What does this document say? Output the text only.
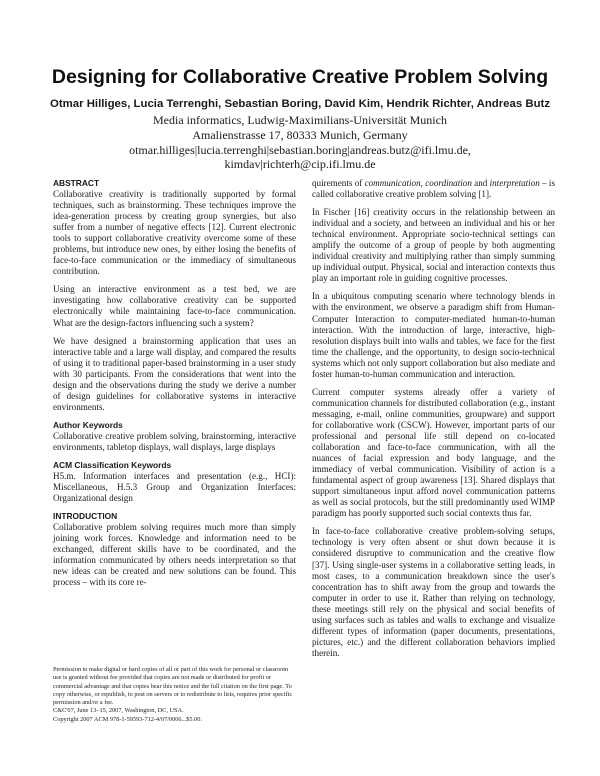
Designing for Collaborative Creative Problem Solving
Otmar Hilliges, Lucia Terrenghi, Sebastian Boring, David Kim, Hendrik Richter, Andreas Butz
Media informatics, Ludwig-Maximilians-Universität Munich
Amalienstrasse 17, 80333 Munich, Germany
otmar.hilliges|lucia.terrenghi|sebastian.boring|andreas.butz@ifi.lmu.de,
kimdav|richterh@cip.ifi.lmu.de
ABSTRACT

Collaborative creativity is traditionally supported by formal techniques, such as brainstorming. These techniques improve the idea-generation process by creating group synergies, but also suffer from a number of negative effects [12]. Current electronic tools to support collaborative creativity overcome some of these problems, but introduce new ones, by either losing the benefits of face-to-face communication or the immediacy of simultaneous contribution.

Using an interactive environment as a test bed, we are investigating how collaborative creativity can be supported electronically while maintaining face-to-face communication. What are the design-factors influencing such a system?

We have designed a brainstorming application that uses an interactive table and a large wall display, and compared the results of using it to traditional paper-based brainstorming in a user study with 30 participants. From the considerations that went into the design and the observations during the study we derive a number of design guidelines for collaborative systems in interactive environments.

Author Keywords

Collaborative creative problem solving, brainstorming, interactive environments, tabletop displays, wall displays, large displays

ACM Classification Keywords

H5.m. Information interfaces and presentation (e.g., HCI): Miscellaneous, H.5.3 Group and Organization Interfaces: Organizational design

INTRODUCTION

Collaborative problem solving requires much more than simply joining work forces. Knowledge and information need to be exchanged, different skills have to be coordinated, and the information communicated by others needs interpretation so that new ideas can be created and new solutions can be found. This process – with its core re-

Permission to make digital or hard copies of all or part of this work for personal or classroom use is granted without fee provided that copies are not made or distributed for profit or commercial advantage and that copies bear this notice and the full citation on the first page. To copy otherwise, or republish, to post on servers or to redistribute to lists, requires prior specific permission and/or a fee.
C&C'07, June 13–15, 2007, Washington, DC, USA.
Copyright 2007 ACM 978-1-59593-712-4/07/0006...$5.00.

quirements of communication, coordination and interpretation – is called collaborative creative problem solving [1].

In Fischer [16] creativity occurs in the relationship between an individual and a society, and between an individual and his or her technical environment. Appropriate socio-technical settings can amplify the outcome of a group of people by both augmenting individual creativity and multiplying rather than simply summing up individual output. Physical, social and interaction contexts thus play an important role in guiding cognitive processes.

In a ubiquitous computing scenario where technology blends in with the environment, we observe a paradigm shift from Human-Computer Interaction to computer-mediated human-to-human interaction. With the introduction of large, interactive, high-resolution displays built into walls and tables, we face for the first time the challenge, and the opportunity, to design socio-technical systems which not only support collaboration but also mediate and foster human-to-human communication and interaction.

Current computer systems already offer a variety of communication channels for distributed collaboration (e.g., instant messaging, e-mail, online communities, groupware) and support for collaborative work (CSCW). However, important parts of our professional and personal life still depend on co-located collaboration and face-to-face communication, with all the nuances of facial expression and body language, and the immediacy of verbal communication. Visibility of action is a fundamental aspect of group awareness [13]. Shared displays that support simultaneous input afford novel communication patterns as well as social protocols, but the still predominantly used WIMP paradigm has poorly supported such social contexts thus far.

In face-to-face collaborative creative problem-solving setups, technology is very often absent or shut down because it is considered disruptive to communication and the creative flow [37]. Using single-user systems in a collaborative setting leads, in most cases, to a communication breakdown since the user's concentration has to shift away from the group and towards the computer in order to use it. Rather than relying on technology, these meetings still rely on the physical and social benefits of using surfaces such as tables and walls to exchange and visualize different types of information (paper documents, presentations, pictures, etc.) and the different collaboration behaviors implied therein.
